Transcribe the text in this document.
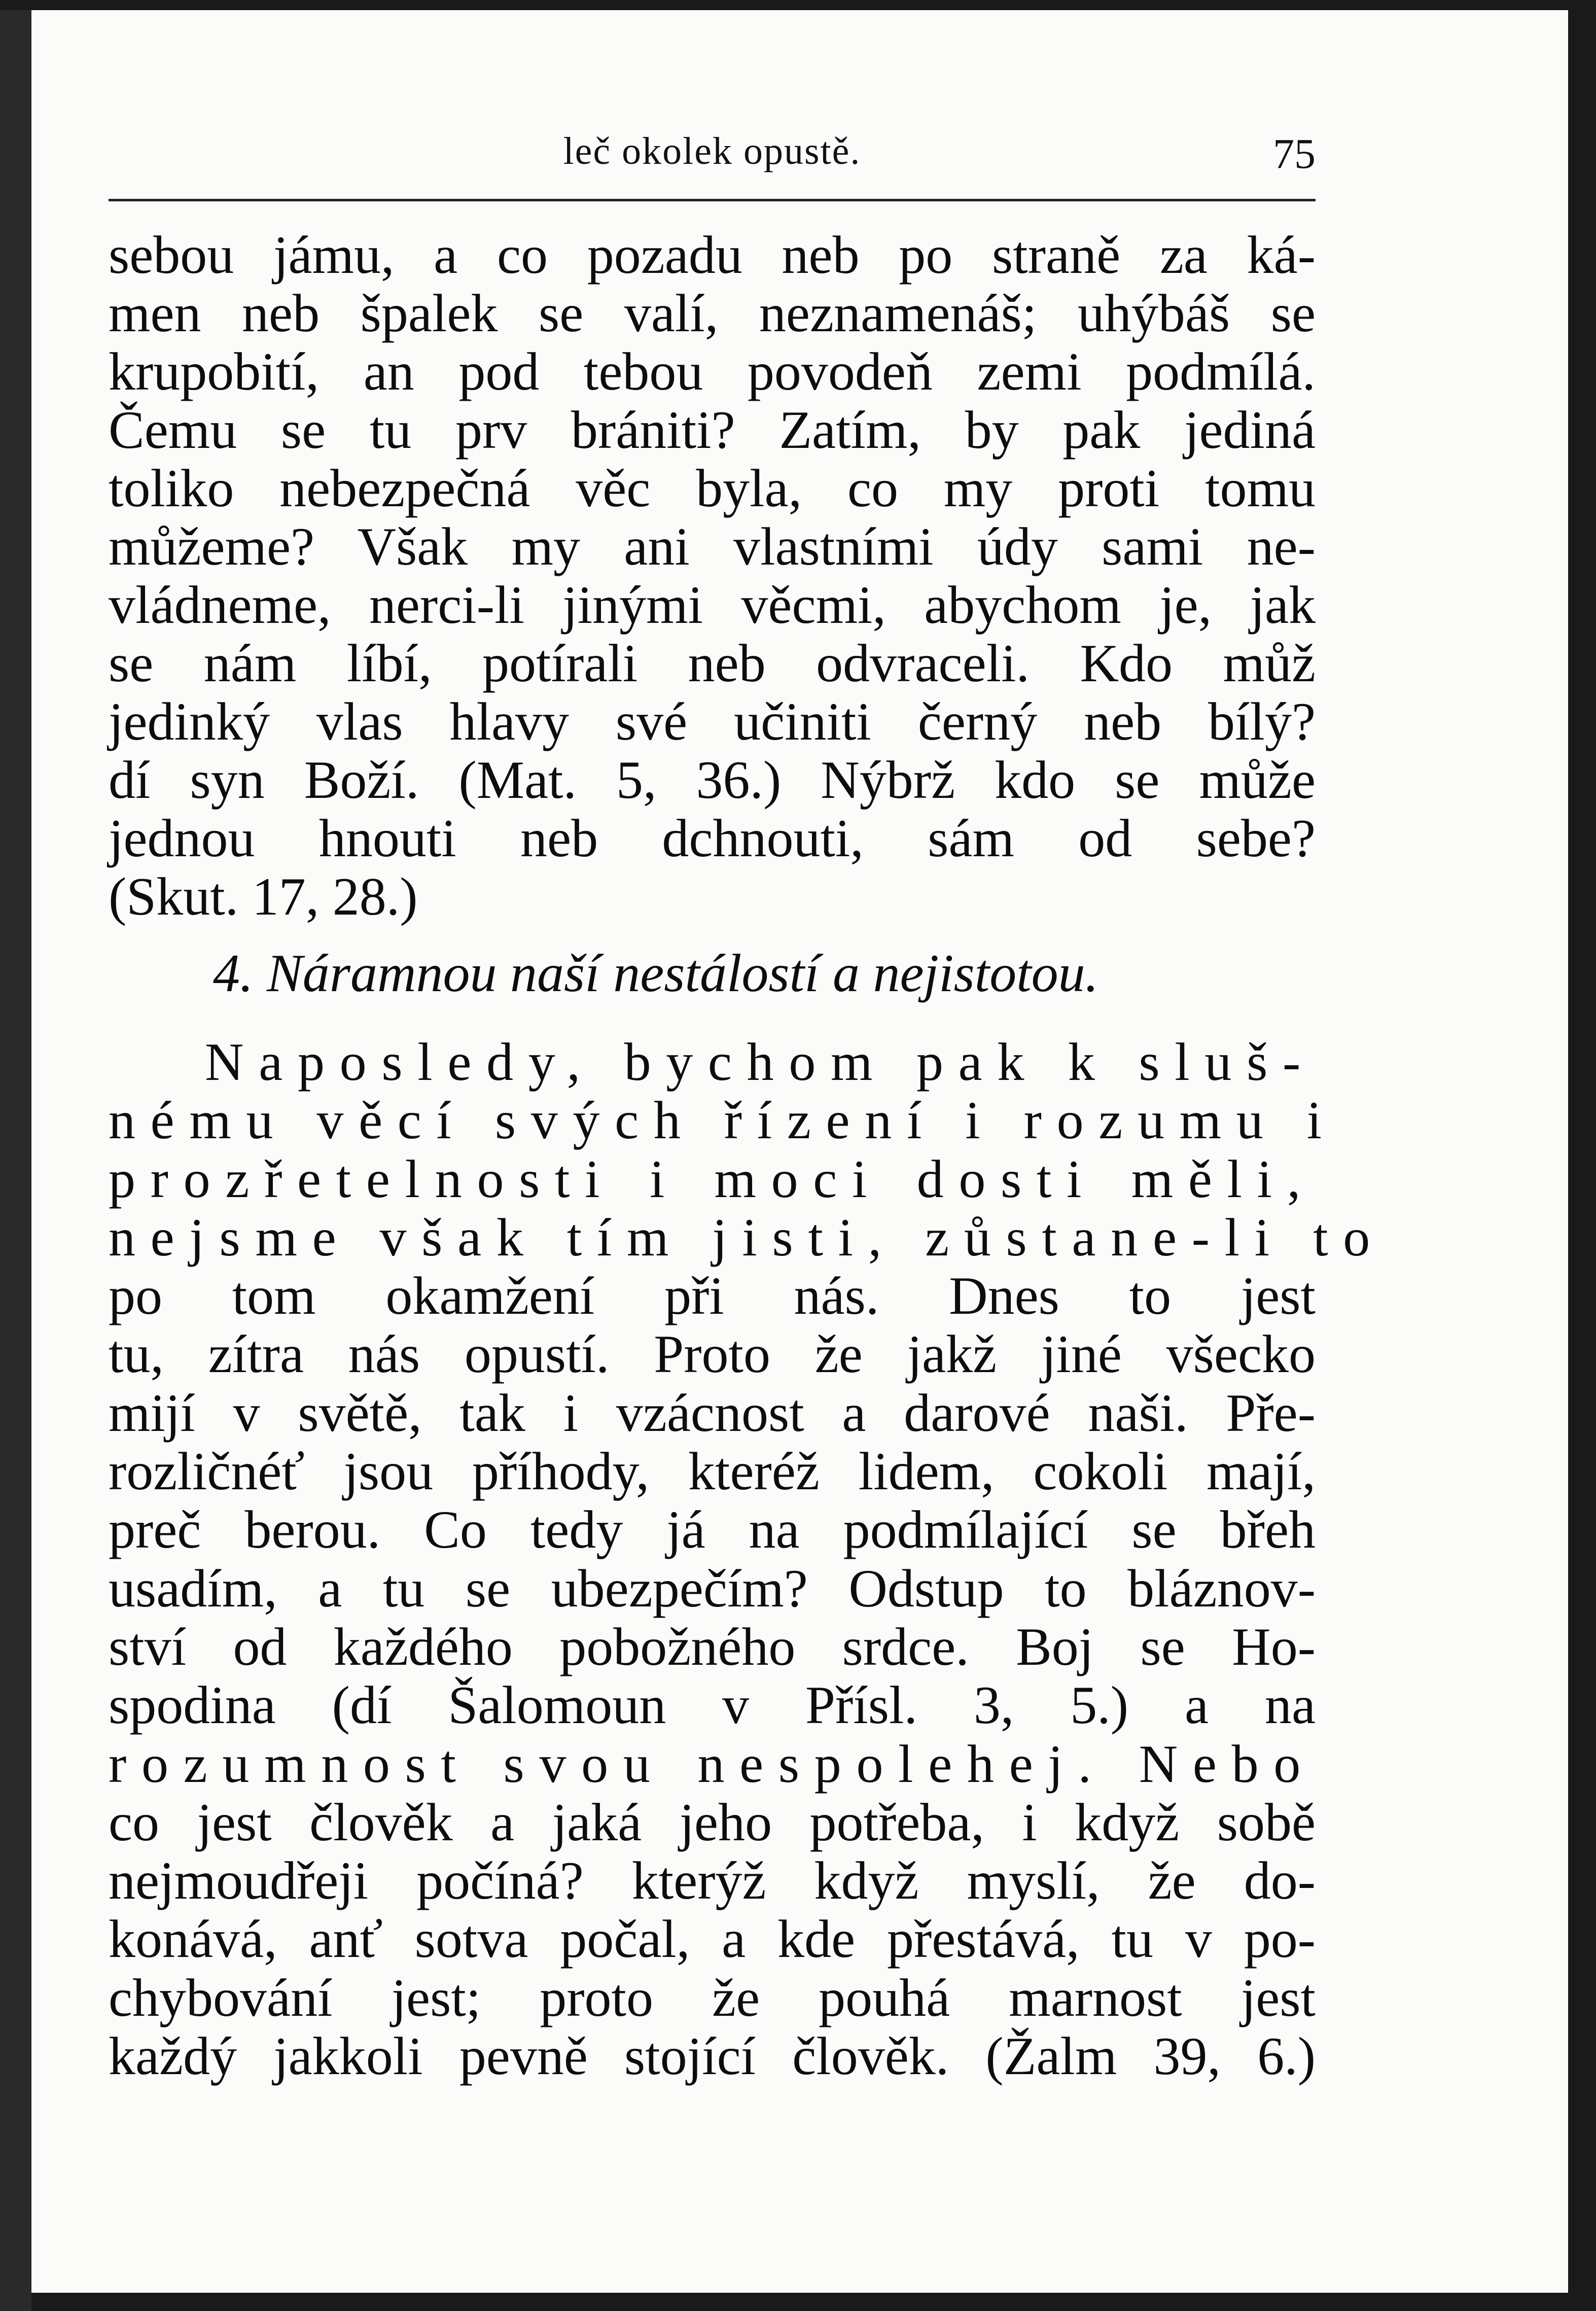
leč okolek opustě.	75
sebou jámu, a co pozadu neb po straně za ká-
men neb špalek se valí, neznamenáš; uhýbáš se
krupobití, an pod tebou povodeň zemi podmílá.
Čemu se tu prv brániti? Zatím, by pak jediná
toliko nebezpečná věc byla, co my proti tomu
můžeme? Však my ani vlastními údy sami ne-
vládneme, nerci-li jinými věcmi, abychom je, jak
se nám líbí, potírali neb odvraceli. Kdo můž
jedinký vlas hlavy své učiniti černý neb bílý?
dí syn Boží. (Mat. 5, 36.) Nýbrž kdo se může
jednou hnouti neb dchnouti, sám od sebe?
(Skut. 17, 28.)
4. Náramnou naší nestálostí a nejistotou.
Naposledy, bychom pak k sluš-
nému věcí svých řízení i rozumu i
prozřetelnosti i moci dosti měli,
nejsme však tím jisti, zůstane-li to
po tom okamžení při nás. Dnes to jest
tu, zítra nás opustí. Proto že jakž jiné všecko
mijí v světě, tak i vzácnost a darové naši. Pře-
rozličnéť jsou příhody, kteréž lidem, cokoli mají,
preč berou. Co tedy já na podmílající se břeh
usadím, a tu se ubezpečím? Odstup to bláznov-
ství od každého pobožného srdce. Boj se Ho-
spodina (dí Šalomoun v Přísl. 3, 5.) a na
rozumnost svou nespolehej. Nebo
co jest člověk a jaká jeho potřeba, i když sobě
nejmoudřeji počíná? kterýž když myslí, že do-
konává, anť sotva počal, a kde přestává, tu v po-
chybování jest; proto že pouhá marnost jest
každý jakkoli pevně stojící člověk. (Žalm 39, 6.)
